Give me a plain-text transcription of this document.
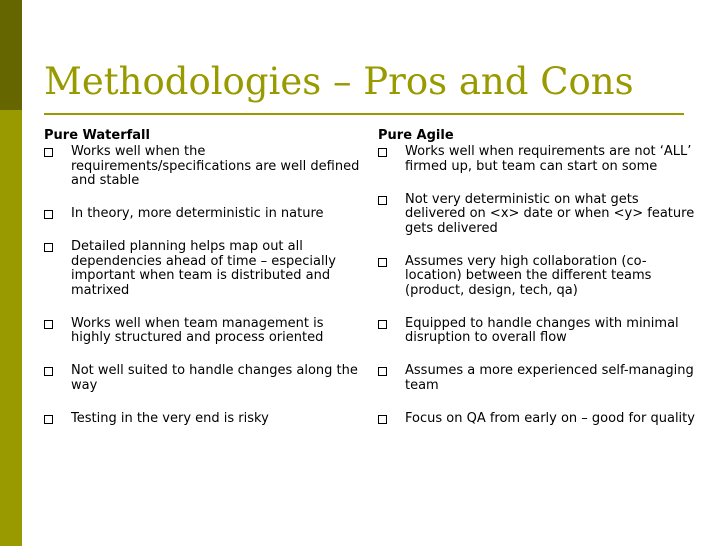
Methodologies – Pros and Cons
Pure Waterfall
Works well when the requirements/specifications are well defined and stable
In theory, more deterministic in nature
Detailed planning helps map out all dependencies ahead of time – especially important when team is distributed and matrixed
Works well when team management is highly structured and process oriented
Not well suited to handle changes along the way
Testing in the very end is risky
Pure Agile
Works well when requirements are not ‘ALL’ firmed up, but team can start on some
Not very deterministic on what gets delivered on <x> date or when <y> feature gets delivered
Assumes very high collaboration (co-location) between the different teams (product, design, tech, qa)
Equipped to handle changes with minimal disruption to overall flow
Assumes a more experienced self-managing team
Focus on QA from early on – good for quality
